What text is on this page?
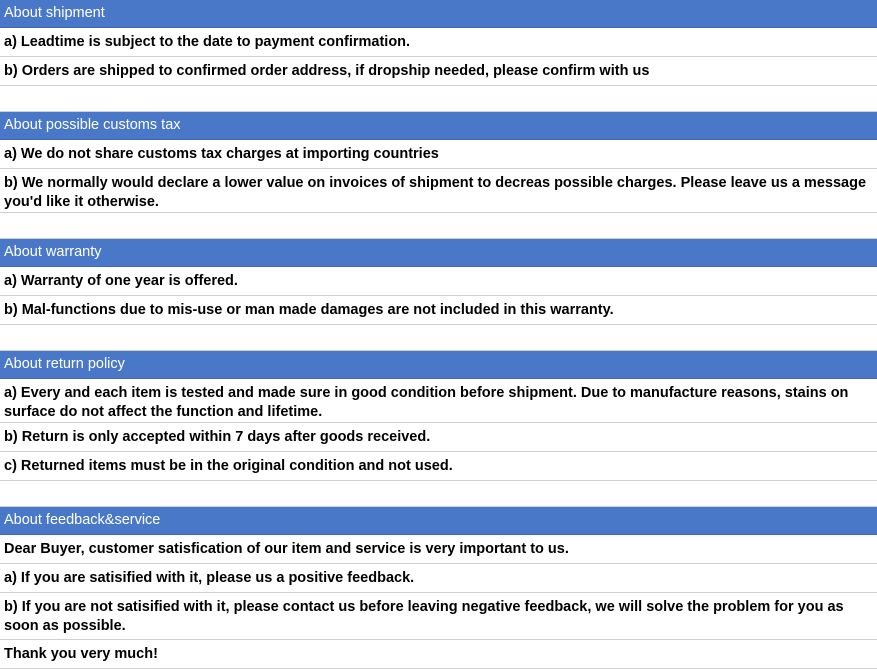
About shipment
a) Leadtime is subject to the date to payment confirmation.
b) Orders are shipped to confirmed order address, if dropship needed, please confirm with us
About possible customs tax
a) We do not share customs tax charges at importing countries
b) We normally would declare a lower value on invoices of shipment to decreas possible charges. Please leave us a message you'd like it otherwise.
About warranty
a) Warranty of one year is offered.
b) Mal-functions due to mis-use or man made damages are not included in this warranty.
About return policy
a) Every and each item is tested and made sure in good condition before shipment. Due to manufacture reasons, stains on surface do not affect the function and lifetime.
b) Return is only accepted within 7 days after goods received.
c) Returned items must be in the original condition and not used.
About feedback&service
Dear Buyer, customer satisfication of our item and service is very important to us.
a) If you are satisified with it, please us a positive feedback.
b) If you are not satisified with it, please contact us before leaving negative feedback, we will solve the problem for you as soon as possible.
Thank you very much!
